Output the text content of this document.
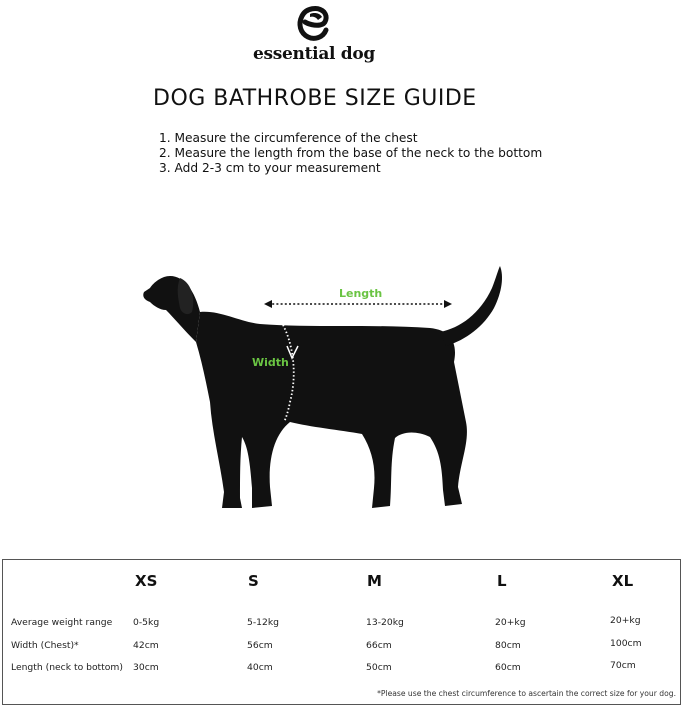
essential dog
DOG BATHROBE SIZE GUIDE
1. Measure the circumference of the chest
2. Measure the length from the base of the neck to the bottom
3. Add 2-3 cm to your measurement
Length
Width
XS	S	M	L	XL
Average weight range 0-5kg	5-12kg	13-20kg	20+kg	20+kg
Width (Chest)*	42cm	56cm	66cm	80cm	100cm
Length (neck to bottom) 30cm	40cm	50cm	60cm	70cm
*Please use the chest circumference to ascertain the correct size for your dog.
